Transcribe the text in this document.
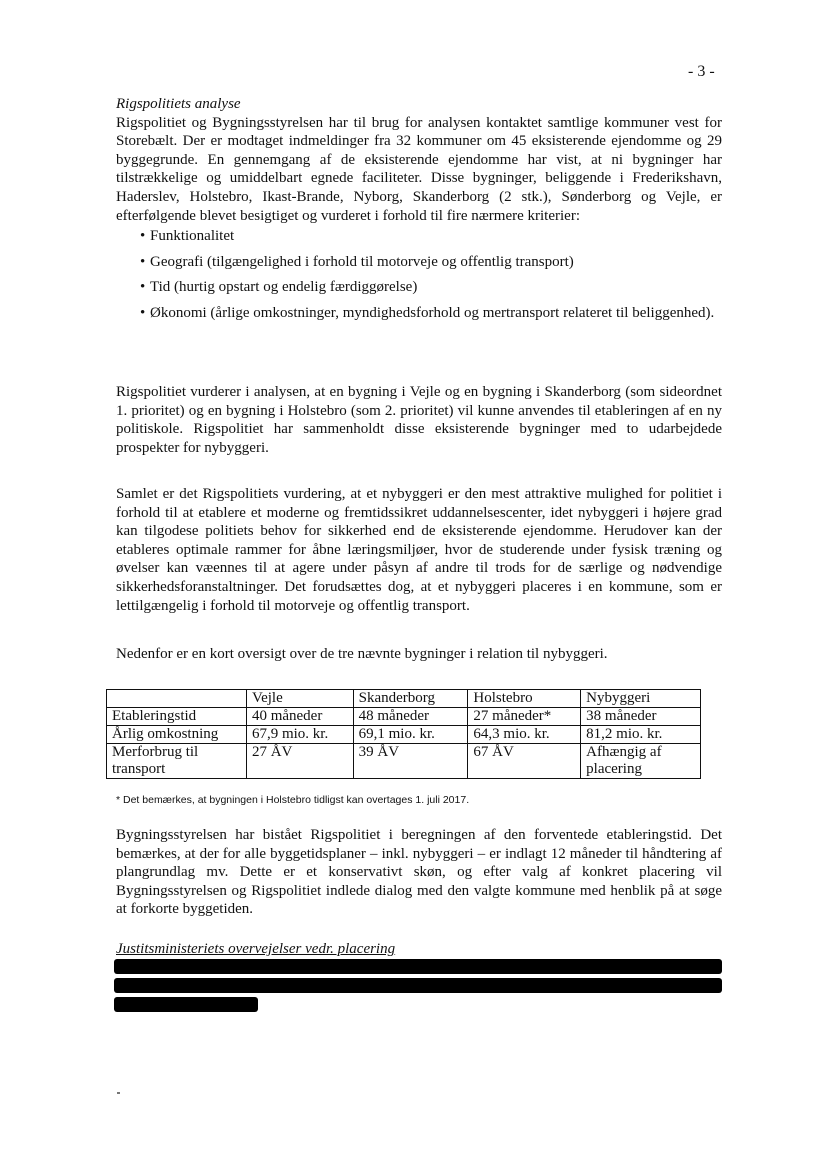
- 3 -
Rigspolitiets analyse

Rigspolitiet og Bygningsstyrelsen har til brug for analysen kontaktet samtlige kommuner vest for Storebælt. Der er modtaget indmeldinger fra 32 kommuner om 45 eksisterende ejendomme og 29 byggegrunde. En gennemgang af de eksisterende ejendomme har vist, at ni bygninger har tilstrækkelige og umiddelbart egnede faciliteter. Disse bygninger, beliggende i Frederikshavn, Haderslev, Holstebro, Ikast-Brande, Nyborg, Skanderborg (2 stk.), Sønderborg og Vejle, er efterfølgende blevet besigtiget og vurderet i forhold til fire nærmere kriterier:

• Funktionalitet
• Geografi (tilgængelighed i forhold til motorveje og offentlig transport)
• Tid (hurtig opstart og endelig færdiggørelse)
• Økonomi (årlige omkostninger, myndighedsforhold og mertransport relateret til beliggenhed).

Rigspolitiet vurderer i analysen, at en bygning i Vejle og en bygning i Skanderborg (som sideordnet 1. prioritet) og en bygning i Holstebro (som 2. prioritet) vil kunne anvendes til etableringen af en ny politiskole. Rigspolitiet har sammenholdt disse eksisterende bygninger med to udarbejdede prospekter for nybyggeri.

Samlet er det Rigspolitiets vurdering, at et nybyggeri er den mest attraktive mulighed for politiet i forhold til at etablere et moderne og fremtidssikret uddannelsescenter, idet nybyggeri i højere grad kan tilgodese politiets behov for sikkerhed end de eksisterende ejendomme. Herudover kan der etableres optimale rammer for åbne læringsmiljøer, hvor de studerende under fysisk træning og øvelser kan væennes til at agere under påsyn af andre til trods for de særlige og nødvendige sikkerhedsforanstaltninger. Det forudsættes dog, at et nybyggeri placeres i en kommune, som er lettilgængelig i forhold til motorveje og offentlig transport.

Nedenfor er en kort oversigt over de tre nævnte bygninger i relation til nybyggeri.

	Vejle	Skanderborg	Holstebro	Nybyggeri
Etableringstid	40 måneder	48 måneder	27 måneder*	38 måneder
Årlig omkostning	67,9 mio. kr.	69,1 mio. kr.	64,3 mio. kr.	81,2 mio. kr.
Merforbrug til transport	27 ÅV	39 ÅV	67 ÅV	Afhængig af placering
* Det bemærkes, at bygningen i Holstebro tidligst kan overtages 1. juli 2017.

Bygningsstyrelsen har bistået Rigspolitiet i beregningen af den forventede etableringstid. Det bemærkes, at der for alle byggetidsplaner – inkl. nybyggeri – er indlagt 12 måneder til håndtering af plangrundlag mv. Dette er et konservativt skøn, og efter valg af konkret placering vil Bygningsstyrelsen og Rigspolitiet indlede dialog med den valgte kommune med henblik på at søge at forkorte byggetiden.

Justitsministeriets overvejelser vedr. placering
